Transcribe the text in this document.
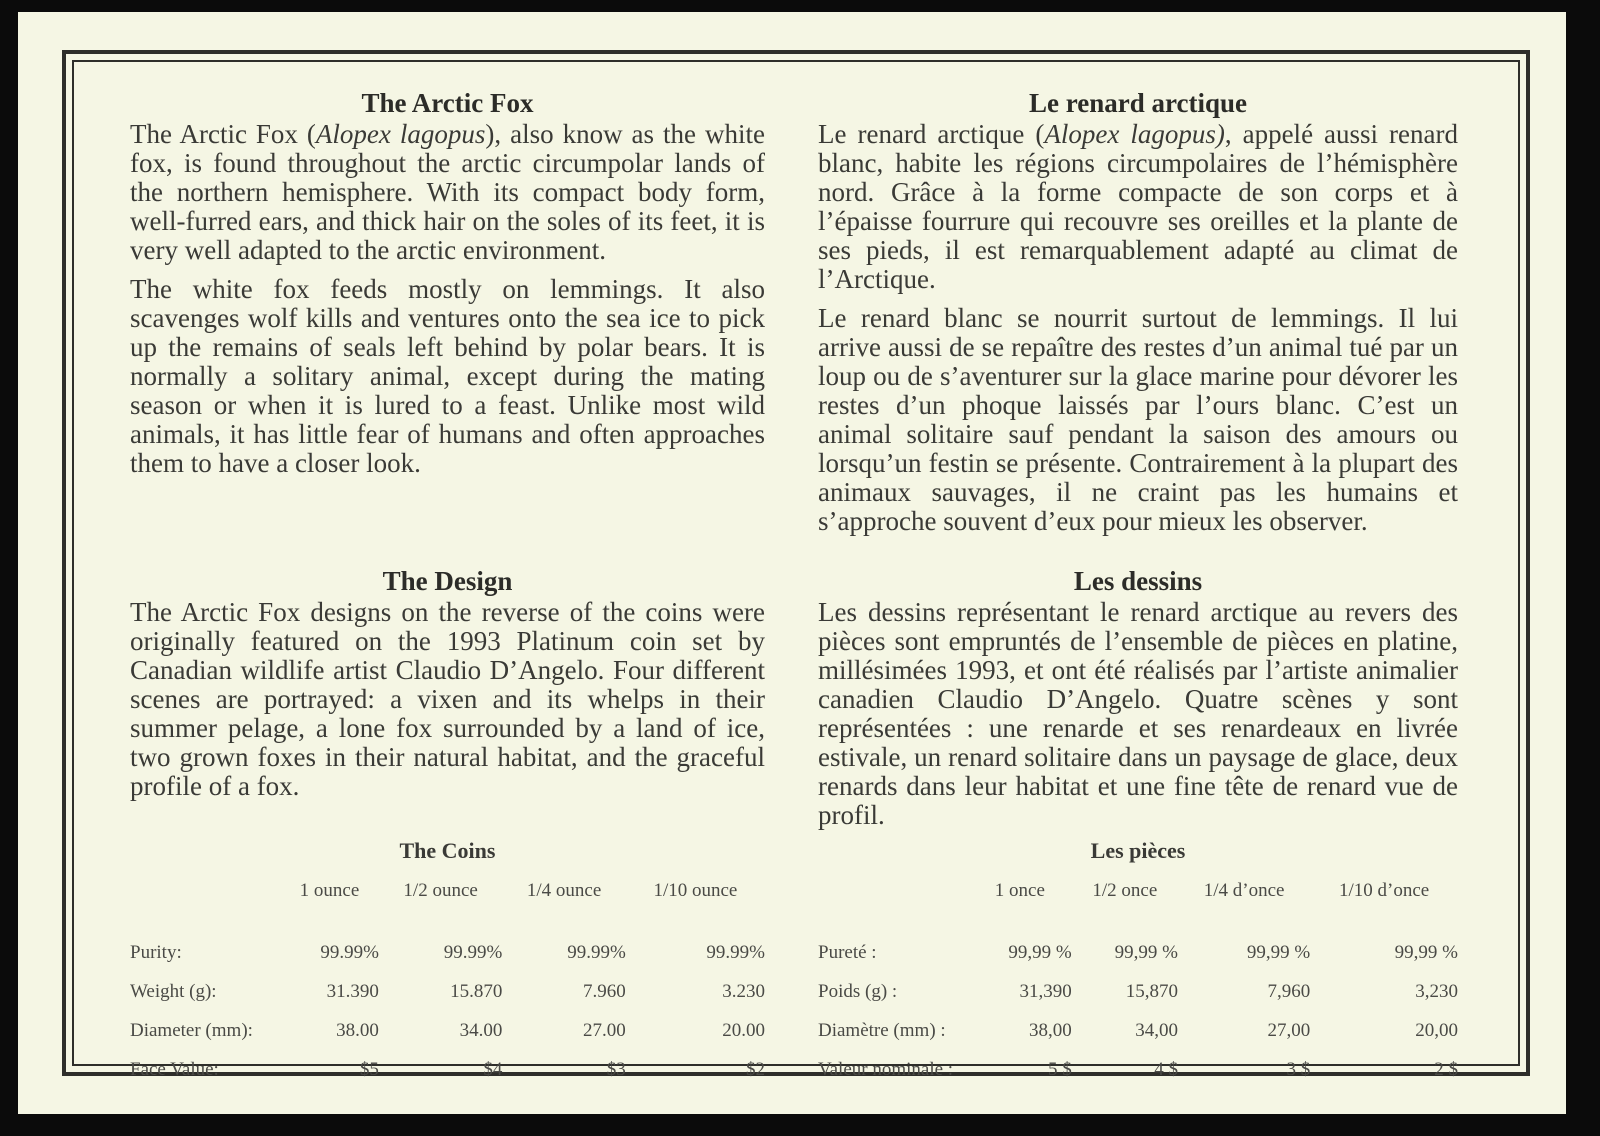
The Arctic Fox

The Arctic Fox (Alopex lagopus), also know as the white fox, is found throughout the arctic circumpolar lands of the northern hemisphere. With its compact body form, well-furred ears, and thick hair on the soles of its feet, it is very well adapted to the arctic environment.

The white fox feeds mostly on lemmings. It also scavenges wolf kills and ventures onto the sea ice to pick up the remains of seals left behind by polar bears. It is normally a solitary animal, except during the mating season or when it is lured to a feast. Unlike most wild animals, it has little fear of humans and often approaches them to have a closer look.

The Design

The Arctic Fox designs on the reverse of the coins were originally featured on the 1993 Platinum coin set by Canadian wildlife artist Claudio D’Angelo. Four different scenes are portrayed: a vixen and its whelps in their summer pelage, a lone fox surrounded by a land of ice, two grown foxes in their natural habitat, and the graceful profile of a fox.

The Coins
	1 ounce	1/2 ounce	1/4 ounce	1/10 ounce
Purity:	99.99%	99.99%	99.99%	99.99%
Weight (g):	31.390	15.870	7.960	3.230
Diameter (mm):	38.00	34.00	27.00	20.00
Face Value:	$5	$4	$3	$2
Le renard arctique

Le renard arctique (Alopex lagopus), appelé aussi renard blanc, habite les régions circumpolaires de l’hémisphère nord. Grâce à la forme compacte de son corps et à l’épaisse fourrure qui recouvre ses oreilles et la plante de ses pieds, il est remarquablement adapté au climat de l’Arctique.

Le renard blanc se nourrit surtout de lemmings. Il lui arrive aussi de se repaître des restes d’un animal tué par un loup ou de s’aventurer sur la glace marine pour dévorer les restes d’un phoque laissés par l’ours blanc. C’est un animal solitaire sauf pendant la saison des amours ou lorsqu’un festin se présente. Contrairement à la plupart des animaux sauvages, il ne craint pas les humains et s’approche souvent d’eux pour mieux les observer.

Les dessins

Les dessins représentant le renard arctique au revers des pièces sont empruntés de l’ensemble de pièces en platine, millésimées 1993, et ont été réalisés par l’artiste animalier canadien Claudio D’Angelo. Quatre scènes y sont représentées : une renarde et ses renardeaux en livrée estivale, un renard solitaire dans un paysage de glace, deux renards dans leur habitat et une fine tête de renard vue de profil.

Les pièces
	1 once	1/2 once	1/4 d’once	1/10 d’once
Pureté :	99,99 %	99,99 %	99,99 %	99,99 %
Poids (g) :	31,390	15,870	7,960	3,230
Diamètre (mm) :	38,00	34,00	27,00	20,00
Valeur nominale :	5 $	4 $	3 $	2 $
